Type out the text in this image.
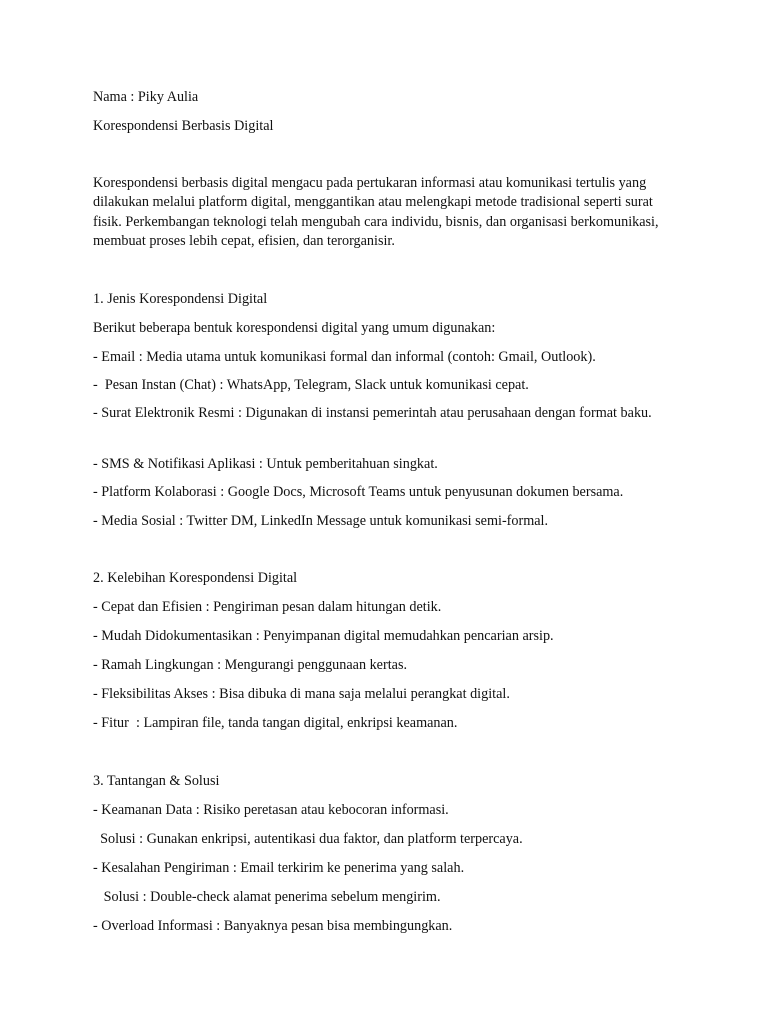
Nama : Piky Aulia
Korespondensi Berbasis Digital
Korespondensi berbasis digital mengacu pada pertukaran informasi atau komunikasi tertulis yang dilakukan melalui platform digital, menggantikan atau melengkapi metode tradisional seperti surat fisik. Perkembangan teknologi telah mengubah cara individu, bisnis, dan organisasi berkomunikasi, membuat proses lebih cepat, efisien, dan terorganisir.
1. Jenis Korespondensi Digital
Berikut beberapa bentuk korespondensi digital yang umum digunakan:
- Email : Media utama untuk komunikasi formal dan informal (contoh: Gmail, Outlook).
-  Pesan Instan (Chat) : WhatsApp, Telegram, Slack untuk komunikasi cepat.
- Surat Elektronik Resmi : Digunakan di instansi pemerintah atau perusahaan dengan format baku.
- SMS & Notifikasi Aplikasi : Untuk pemberitahuan singkat.
- Platform Kolaborasi : Google Docs, Microsoft Teams untuk penyusunan dokumen bersama.
- Media Sosial : Twitter DM, LinkedIn Message untuk komunikasi semi-formal.
2. Kelebihan Korespondensi Digital
- Cepat dan Efisien : Pengiriman pesan dalam hitungan detik.
- Mudah Didokumentasikan : Penyimpanan digital memudahkan pencarian arsip.
- Ramah Lingkungan : Mengurangi penggunaan kertas.
- Fleksibilitas Akses : Bisa dibuka di mana saja melalui perangkat digital.
- Fitur  : Lampiran file, tanda tangan digital, enkripsi keamanan.
3. Tantangan & Solusi
- Keamanan Data : Risiko peretasan atau kebocoran informasi.
Solusi : Gunakan enkripsi, autentikasi dua faktor, dan platform terpercaya.
- Kesalahan Pengiriman : Email terkirim ke penerima yang salah.
Solusi : Double-check alamat penerima sebelum mengirim.
- Overload Informasi : Banyaknya pesan bisa membingungkan.
